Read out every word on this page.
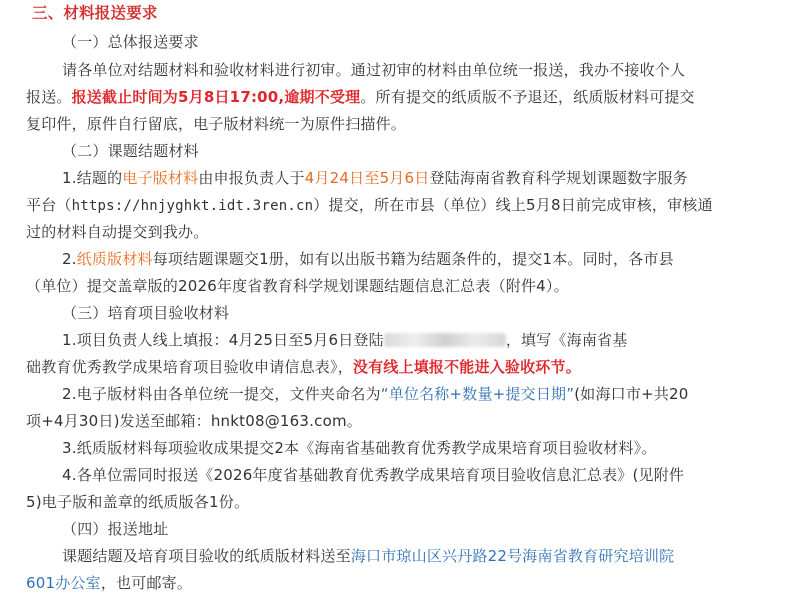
三、材料报送要求
（一）总体报送要求
请各单位对结题材料和验收材料进行初审。通过初审的材料由单位统一报送，我办不接收个人
报送。报送截止时间为5月8日17:00,逾期不受理。所有提交的纸质版不予退还，纸质版材料可提交
复印件，原件自行留底，电子版材料统一为原件扫描件。
（二）课题结题材料
1.结题的电子版材料由申报负责人于4月24日至5月6日登陆海南省教育科学规划课题数字服务
平台（https://hnjyghkt.idt.3ren.cn）提交，所在市县（单位）线上5月8日前完成审核，审核通
过的材料自动提交到我办。
2.纸质版材料每项结题课题交1册，如有以出版书籍为结题条件的，提交1本。同时，各市县
（单位）提交盖章版的2026年度省教育科学规划课题结题信息汇总表（附件4）。
（三）培育项目验收材料
1.项目负责人线上填报：4月25日至5月6日登陆	，填写《海南省基
础教育优秀教学成果培育项目验收申请信息表》，没有线上填报不能进入验收环节。
2.电子版材料由各单位统一提交，文件夹命名为“单位名称+数量+提交日期”(如海口市+共20
项+4月30日)发送至邮箱：hnkt08@163.com。
3.纸质版材料每项验收成果提交2本《海南省基础教育优秀教学成果培育项目验收材料》。
4.各单位需同时报送《2026年度省基础教育优秀教学成果培育项目验收信息汇总表》(见附件
5)电子版和盖章的纸质版各1份。
（四）报送地址
课题结题及培育项目验收的纸质版材料送至海口市琼山区兴丹路22号海南省教育研究培训院
601办公室，也可邮寄。
